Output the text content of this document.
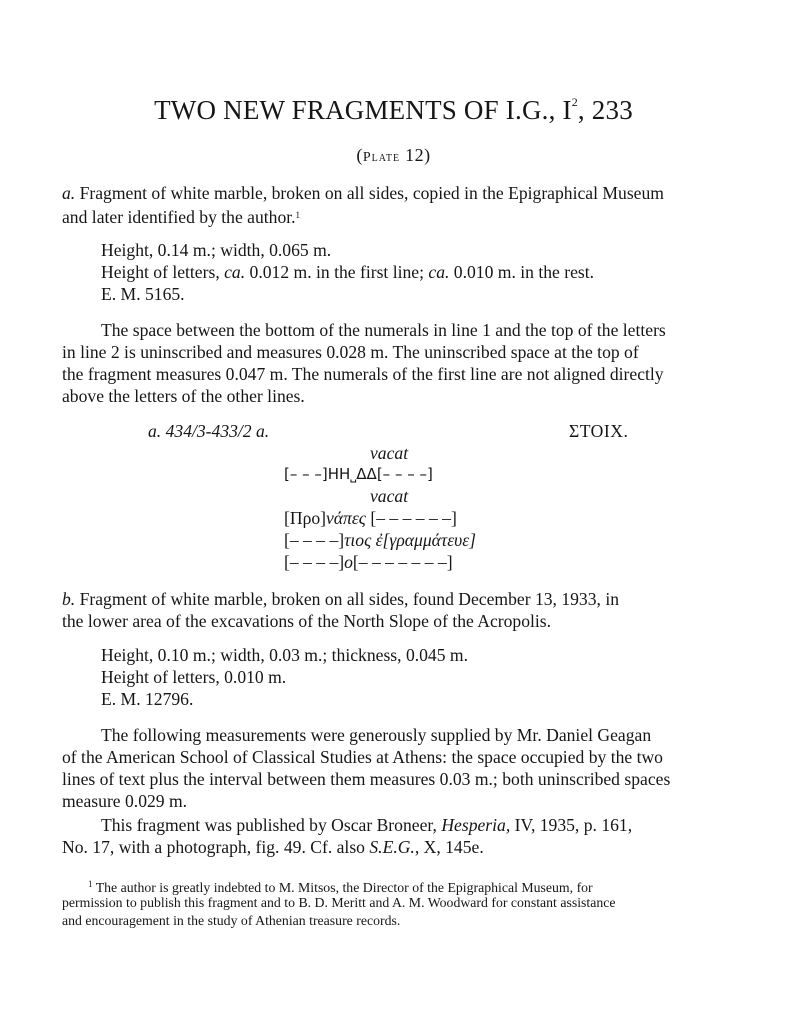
TWO NEW FRAGMENTS OF I.G., $I^2$, 233
(Plate 12)
a. Fragment of white marble, broken on all sides, copied in the Epigraphical Museum
and later identified by the author.$^1$
Height, 0.14 m.; width, 0.065 m.
Height of letters, ca. 0.012 m. in the first line; ca. 0.010 m. in the rest.
E. M. 5165.
The space between the bottom of the numerals in line 1 and the top of the letters
in line 2 is uninscribed and measures 0.028 m. The uninscribed space at the top of
the fragment measures 0.047 m. The numerals of the first line are not aligned directly
above the letters of the other lines.
a. 434/3-433/2 a.	ΣΤΟΙΧ.
vacat
[– – –]ΗΗ⎵ΔΔ[– – – –]
vacat
[Προ]νάπες [– – – – – –]
[– – – –]τιος ἐ[γραμμάτευε]
[– – – –]ο[– – – – – – –]
b. Fragment of white marble, broken on all sides, found December 13, 1933, in
the lower area of the excavations of the North Slope of the Acropolis.
Height, 0.10 m.; width, 0.03 m.; thickness, 0.045 m.
Height of letters, 0.010 m.
E. M. 12796.
The following measurements were generously supplied by Mr. Daniel Geagan
of the American School of Classical Studies at Athens: the space occupied by the two
lines of text plus the interval between them measures 0.03 m.; both uninscribed spaces
measure 0.029 m.
This fragment was published by Oscar Broneer, Hesperia, IV, 1935, p. 161,
No. 17, with a photograph, fig. 49. Cf. also S.E.G., X, 145e.
$^1$ The author is greatly indebted to M. Mitsos, the Director of the Epigraphical Museum, for
permission to publish this fragment and to B. D. Meritt and A. M. Woodward for constant assistance
and encouragement in the study of Athenian treasure records.
